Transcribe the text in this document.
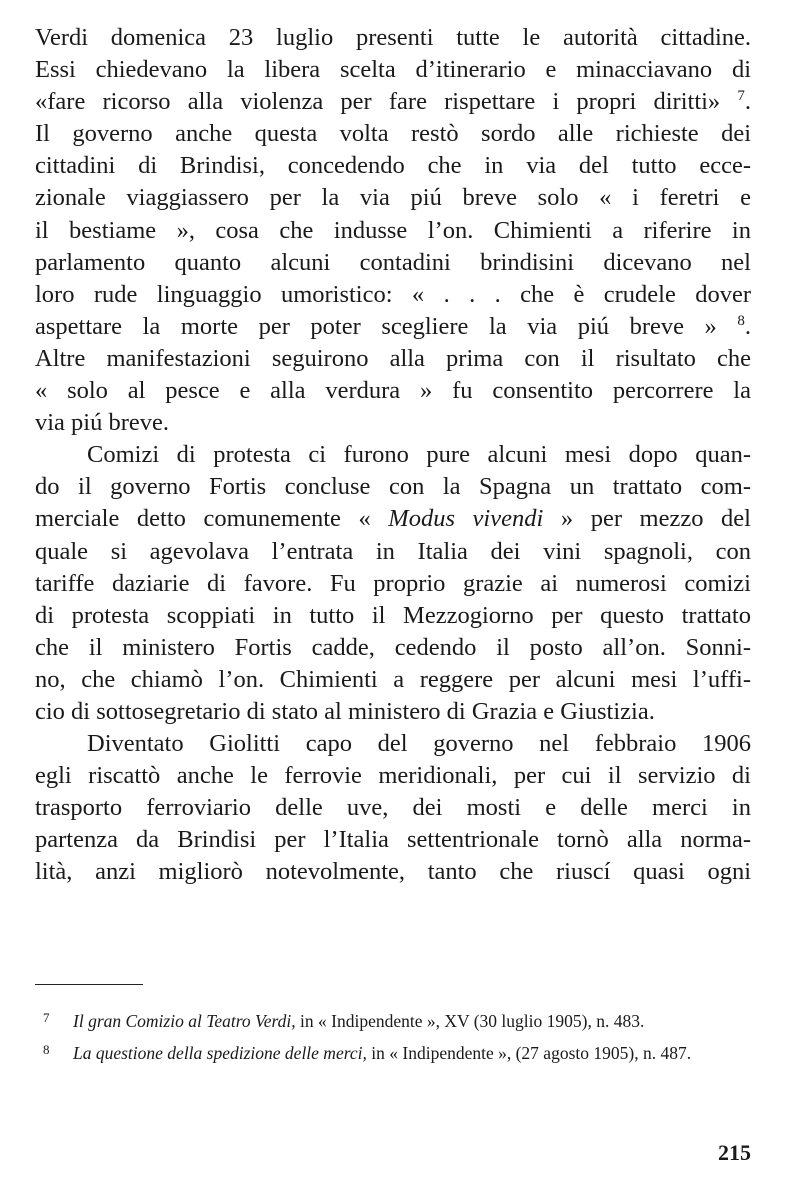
Verdi domenica 23 luglio presenti tutte le autorità cittadine.

Essi chiedevano la libera scelta d’itinerario e minacciavano di

«fare ricorso alla violenza per fare rispettare i propri diritti» $^7$.

Il governo anche questa volta restò sordo alle richieste dei

cittadini di Brindisi, concedendo che in via del tutto ecce-

zionale viaggiassero per la via piú breve solo « i feretri e

il bestiame », cosa che indusse l’on. Chimienti a riferire in

parlamento quanto alcuni contadini brindisini dicevano nel

loro rude linguaggio umoristico: « . . . che è crudele dover

aspettare la morte per poter scegliere la via piú breve » $^8$.

Altre manifestazioni seguirono alla prima con il risultato che

« solo al pesce e alla verdura » fu consentito percorrere la

via piú breve.

Comizi di protesta ci furono pure alcuni mesi dopo quan-

do il governo Fortis concluse con la Spagna un trattato com-

merciale detto comunemente « Modus vivendi » per mezzo del

quale si agevolava l’entrata in Italia dei vini spagnoli, con

tariffe daziarie di favore. Fu proprio grazie ai numerosi comizi

di protesta scoppiati in tutto il Mezzogiorno per questo trattato

che il ministero Fortis cadde, cedendo il posto all’on. Sonni-

no, che chiamò l’on. Chimienti a reggere per alcuni mesi l’uffi-

cio di sottosegretario di stato al ministero di Grazia e Giustizia.

Diventato Giolitti capo del governo nel febbraio 1906

egli riscattò anche le ferrovie meridionali, per cui il servizio di

trasporto ferroviario delle uve, dei mosti e delle merci in

partenza da Brindisi per l’Italia settentrionale tornò alla norma-

lità, anzi migliorò notevolmente, tanto che riuscí quasi ogni

7 Il gran Comizio al Teatro Verdi, in « Indipendente », XV (30 luglio 1905), n. 483.
8 La questione della spedizione delle merci, in « Indipendente », (27 agosto 1905), n. 487.
215
